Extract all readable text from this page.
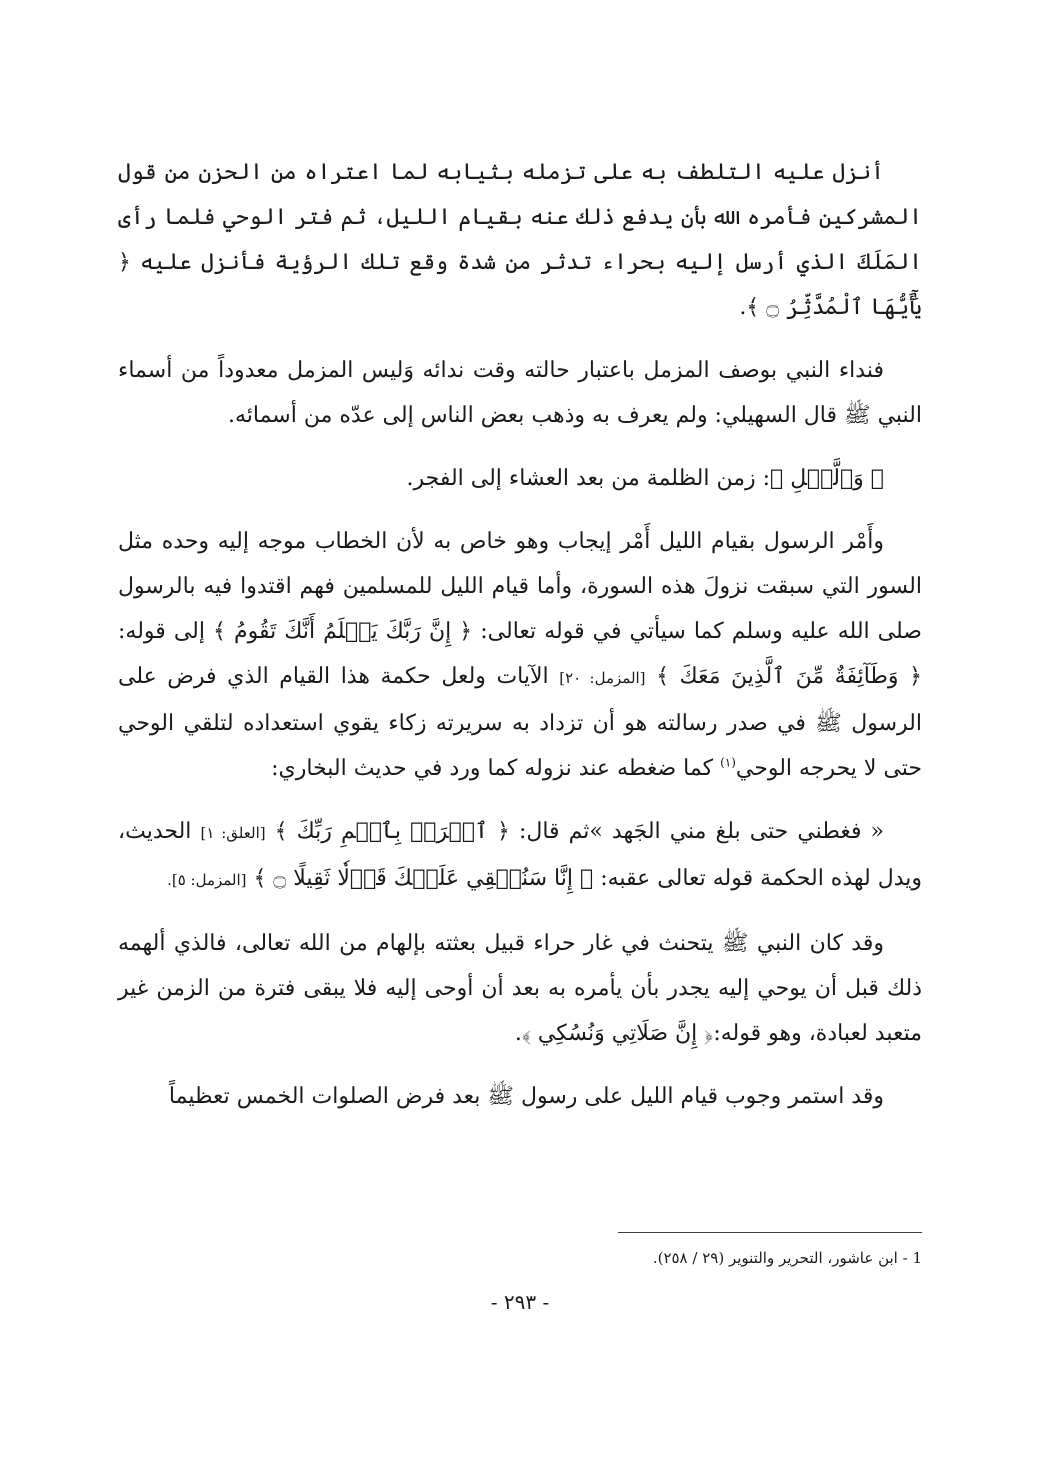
أنزل عليه التلطف به على تزمله بثيابه لما اعتراه من الحزن من قول المشركين فأمره الله بأن يدفع ذلك عنه بقيام الليل، ثم فتر الوحي فلما رأى المَلَكَ الذي أرسل إليه بحراء تدثر من شدة وقع تلك الرؤية فأنزل عليه ﴿ يَٰٓأَيُّهَا ٱلْمُدَّثِّرُ ۝ ﴾.

فنداء النبي بوصف المزمل باعتبار حالته وقت ندائه وَليس المزمل معدوداً من أسماء النبي ﷺ قال السهيلي: ولم يعرف به وذهب بعض الناس إلى عدّه من أسمائه.

﴿ وَٱلَّيۡلِ ﴾: زمن الظلمة من بعد العشاء إلى الفجر.

وأَمْر الرسول بقيام الليل أَمْر إيجاب وهو خاص به لأن الخطاب موجه إليه وحده مثل السور التي سبقت نزولَ هذه السورة، وأما قيام الليل للمسلمين فهم اقتدوا فيه بالرسول صلى الله عليه وسلم كما سيأتي في قوله تعالى: ﴿ إِنَّ رَبَّكَ يَعۡلَمُ أَنَّكَ تَقُومُ ﴾ إلى قوله: ﴿ وَطَآئِفَةٌ مِّنَ ٱلَّذِينَ مَعَكَ ﴾ [المزمل: ٢٠] الآيات ولعل حكمة هذا القيام الذي فرض على الرسول ﷺ في صدر رسالته هو أن تزداد به سريرته زكاء يقوي استعداده لتلقي الوحي حتى لا يحرجه الوحي$^{(١)}$ كما ضغطه عند نزوله كما ورد في حديث البخاري:

« فغطني حتى بلغ مني الجَهد »ثم قال: ﴿ ٱقۡرَأۡ بِٱسۡمِ رَبِّكَ ﴾ [العلق: ١] الحديث، ويدل لهذه الحكمة قوله تعالى عقبه: ﴿ إِنَّا سَنُلۡقِي عَلَيۡكَ قَوۡلٗا ثَقِيلًا ۝ ﴾ [المزمل: ٥].

وقد كان النبي ﷺ يتحنث في غار حراء قبيل بعثته بإلهام من الله تعالى، فالذي ألهمه ذلك قبل أن يوحي إليه يجدر بأن يأمره به بعد أن أوحى إليه فلا يبقى فترة من الزمن غير متعبد لعبادة، وهو قوله:﴿ إِنَّ صَلَاتِي وَنُسُكِي ﴾.

وقد استمر وجوب قيام الليل على رسول ﷺ بعد فرض الصلوات الخمس تعظيماً

1 - ابن عاشور، التحرير والتنوير (٢٩ / ٢٥٨).
- ٢٩٣ -
